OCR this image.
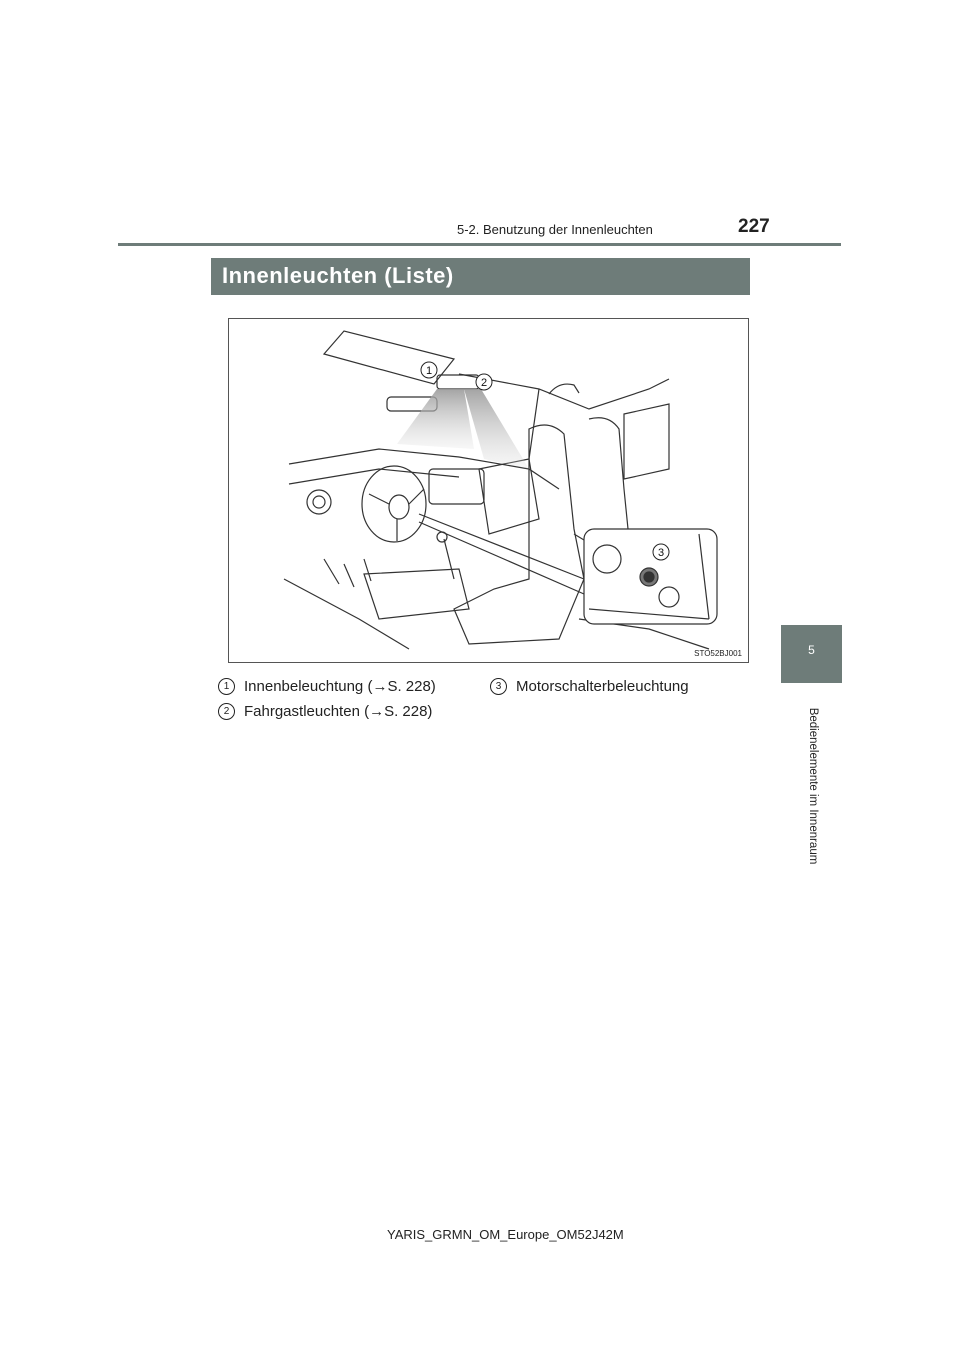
5-2. Benutzung der Innenleuchten	227
5
Bedienelemente im Innenraum
Innenleuchten (Liste)
1
2
3
STO52BJ001
1 Innenbeleuchtung (→S. 228)
2 Fahrgastleuchten (→S. 228)
3 Motorschalterbeleuchtung
YARIS_GRMN_OM_Europe_OM52J42M
